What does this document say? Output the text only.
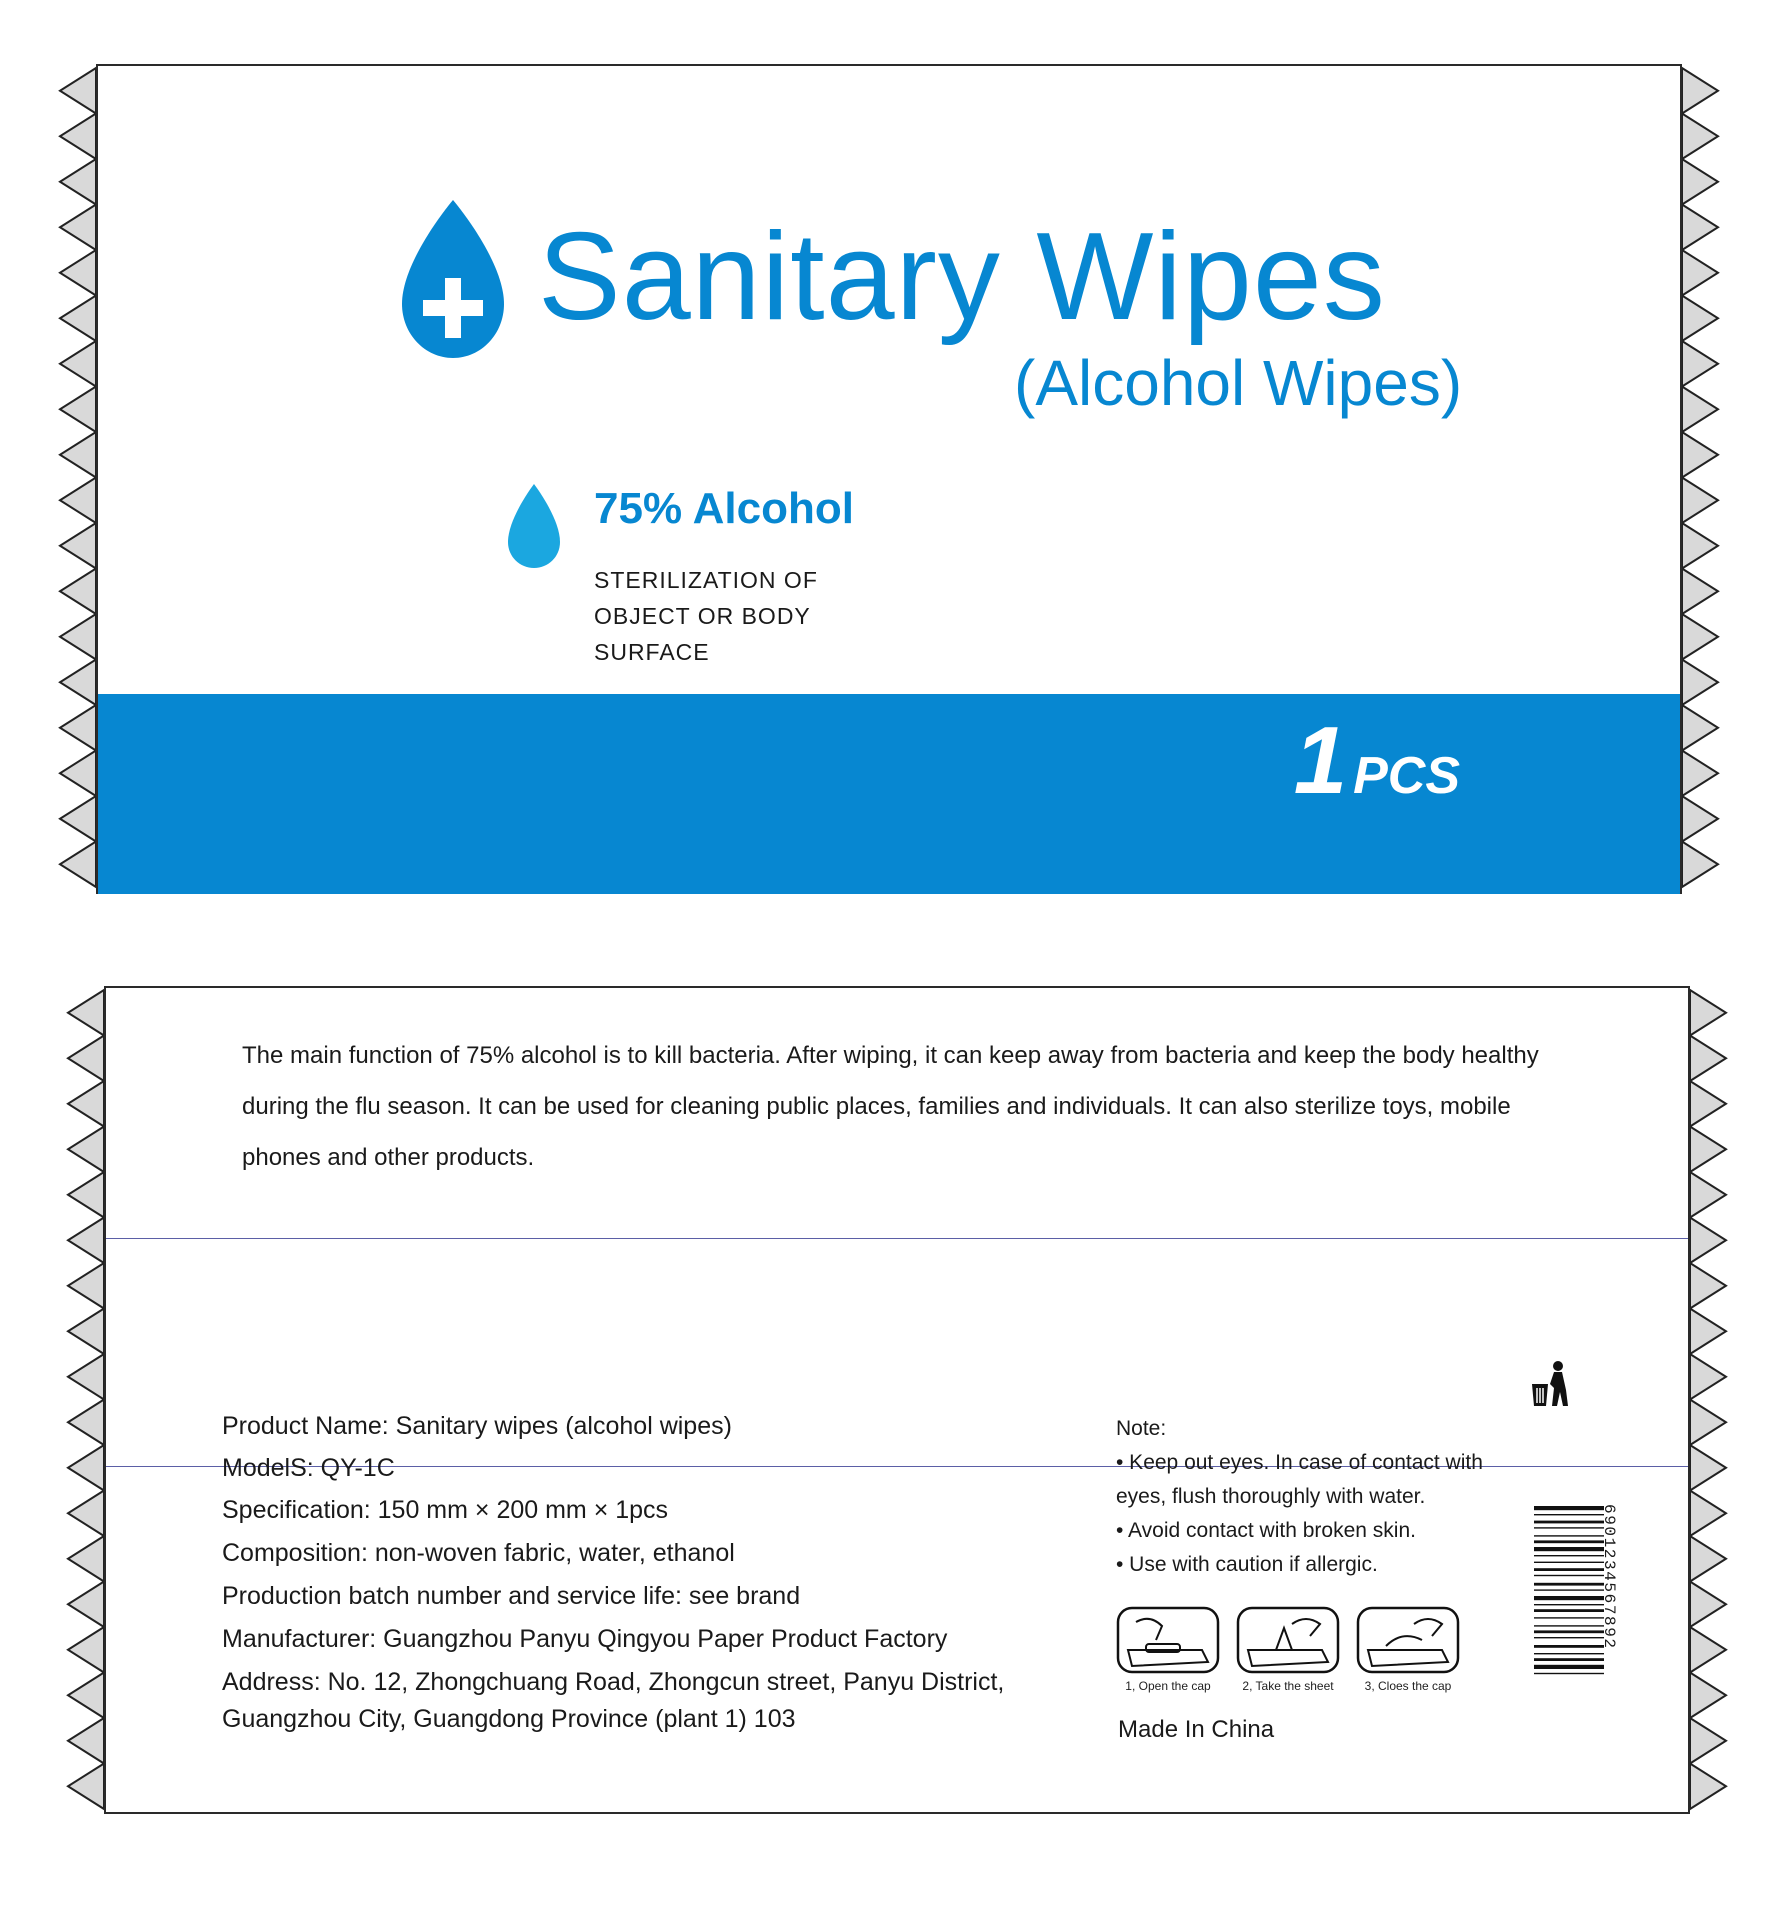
Sanitary Wipes
(Alcohol Wipes)
75% Alcohol
STERILIZATION OF
OBJECT OR BODY
SURFACE
1 PCS
The main function of 75% alcohol is to kill bacteria. After wiping, it can keep away from bacteria and keep the body healthy during the flu season. It can be used for cleaning public places, families and individuals. It can also sterilize toys, mobile phones and other products.
Product Name: Sanitary wipes (alcohol wipes)
ModelS: QY-1C
Specification: 150 mm × 200 mm × 1pcs
Composition: non-woven fabric, water, ethanol
Production batch number and service life: see brand
Manufacturer: Guangzhou Panyu Qingyou Paper Product Factory
Address: No. 12, Zhongchuang Road, Zhongcun street, Panyu District,
Guangzhou City, Guangdong Province (plant 1) 103
Note:
• Keep out eyes. In case of contact with
eyes, flush thoroughly with water.
• Avoid contact with broken skin.
• Use with caution if allergic.
1, Open the cap	2, Take the sheet	3, Cloes the cap
Made In China
6901234567892
